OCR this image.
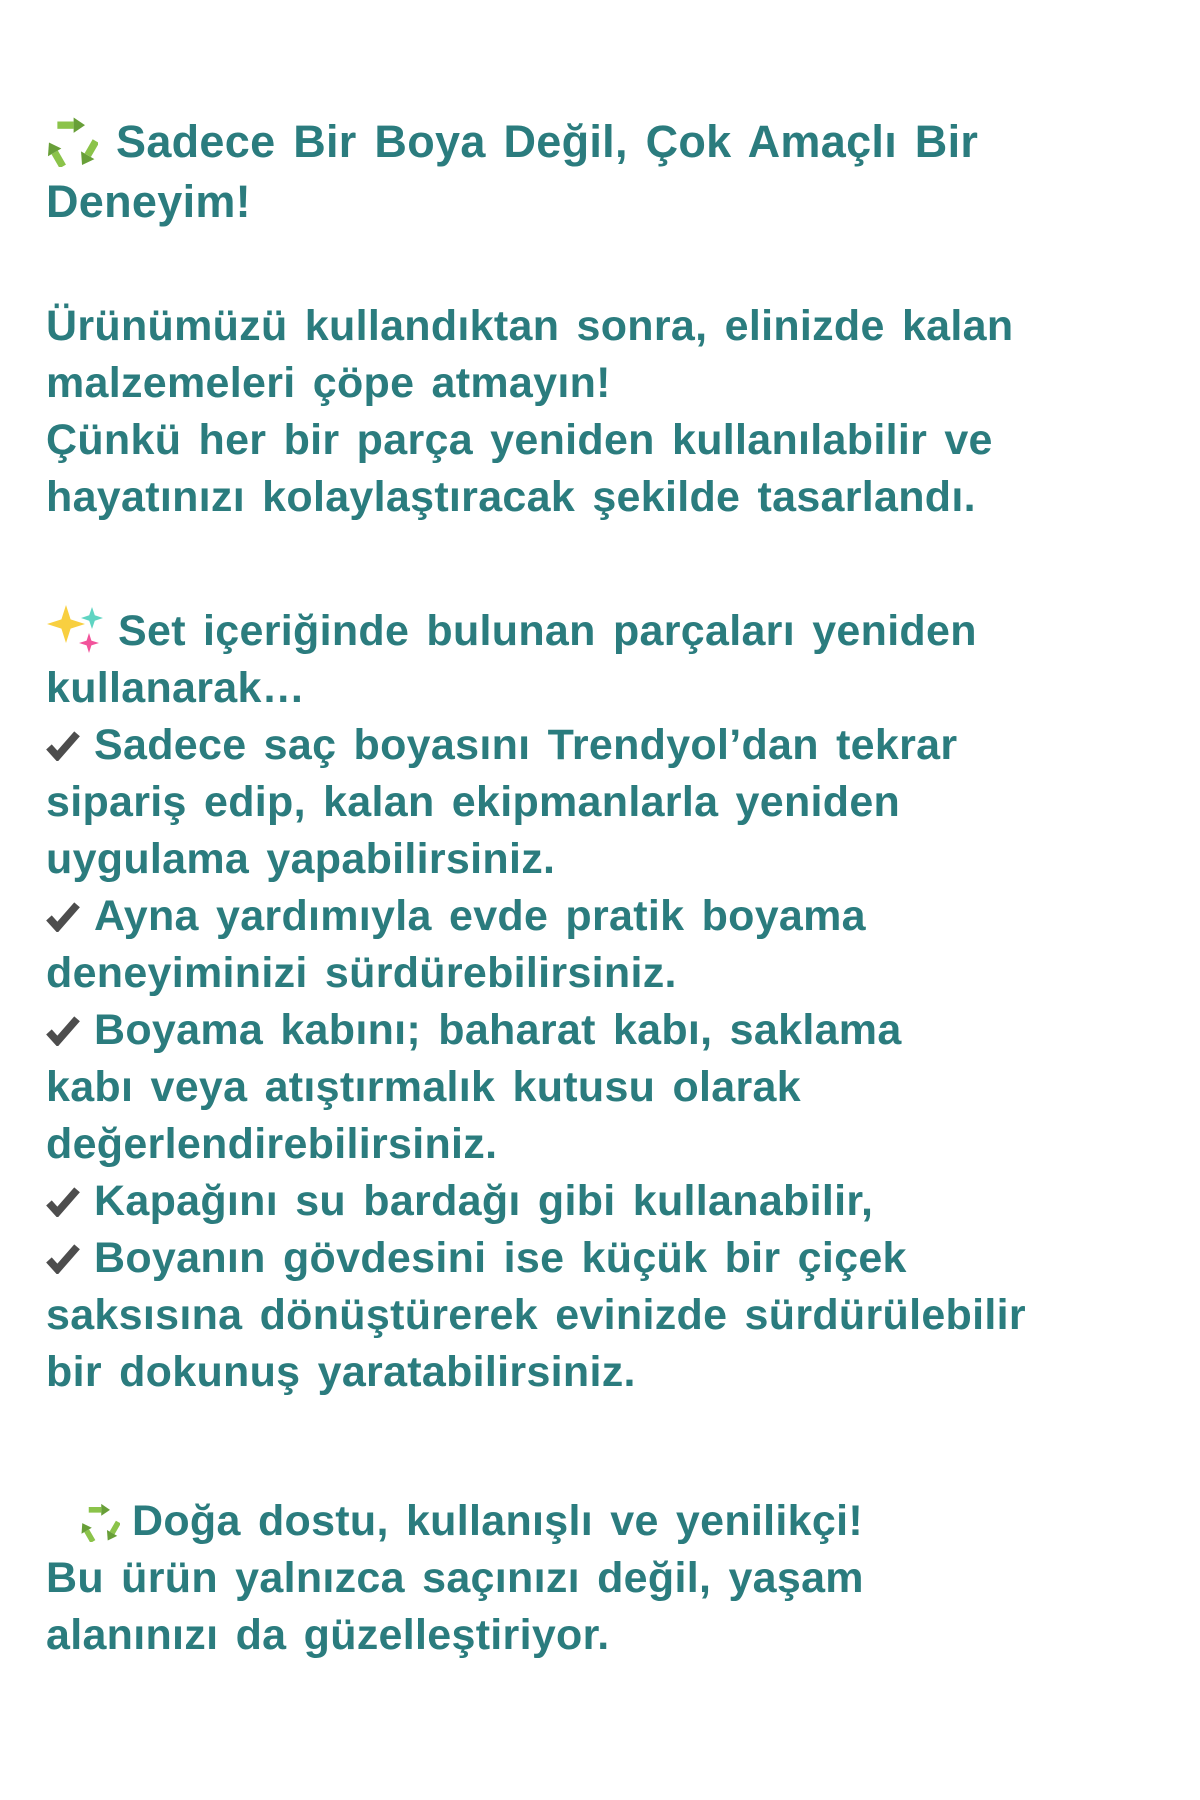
Sadece Bir Boya Değil, Çok Amaçlı Bir
Deneyim!
Ürünümüzü kullandıktan sonra, elinizde kalan
malzemeleri çöpe atmayın!
Çünkü her bir parça yeniden kullanılabilir ve
hayatınızı kolaylaştıracak şekilde tasarlandı.
Set içeriğinde bulunan parçaları yeniden
kullanarak…
Sadece saç boyasını Trendyol’dan tekrar
sipariş edip, kalan ekipmanlarla yeniden
uygulama yapabilirsiniz.
Ayna yardımıyla evde pratik boyama
deneyiminizi sürdürebilirsiniz.
Boyama kabını; baharat kabı, saklama
kabı veya atıştırmalık kutusu olarak
değerlendirebilirsiniz.
Kapağını su bardağı gibi kullanabilir,
Boyanın gövdesini ise küçük bir çiçek
saksısına dönüştürerek evinizde sürdürülebilir
bir dokunuş yaratabilirsiniz.
Doğa dostu, kullanışlı ve yenilikçi!
Bu ürün yalnızca saçınızı değil, yaşam
alanınızı da güzelleştiriyor.
